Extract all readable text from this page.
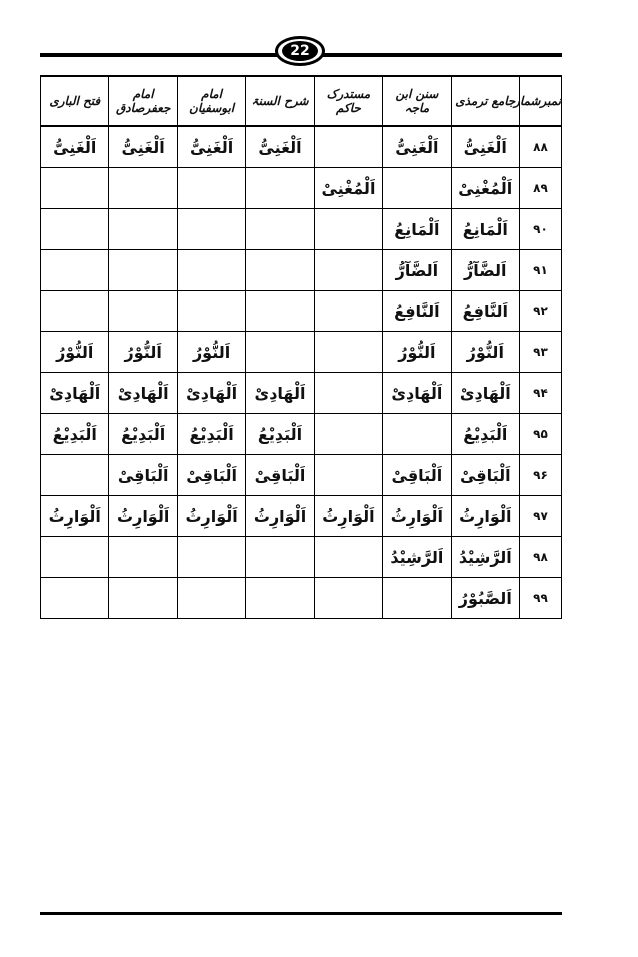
22
نمبرشمار	جامع ترمذی	سنن ابن ماجہ	مستدرک حاکم	شرح السنۃ	امام ابوسفیان	امام جعفرصادق	فتح الباری
۸۸	اَلْغَنِیُّ	اَلْغَنِیُّ		اَلْغَنِیُّ	اَلْغَنِیُّ	اَلْغَنِیُّ	اَلْغَنِیُّ
۸۹	اَلْمُغْنِیْ		اَلْمُغْنِیْ				
۹۰	اَلْمَانِعُ	اَلْمَانِعُ					
۹۱	اَلضَّآرُّ	اَلضَّآرُّ					
۹۲	اَلنَّافِعُ	اَلنَّافِعُ					
۹۳	اَلنُّوْرُ	اَلنُّوْرُ			اَلنُّوْرُ	اَلنُّوْرُ	اَلنُّوْرُ
۹۴	اَلْهَادِیْ	اَلْهَادِیْ		اَلْهَادِیْ	اَلْهَادِیْ	اَلْهَادِیْ	اَلْهَادِیْ
۹۵	اَلْبَدِیْعُ			اَلْبَدِیْعُ	اَلْبَدِیْعُ	اَلْبَدِیْعُ	اَلْبَدِیْعُ
۹۶	اَلْبَاقِیْ	اَلْبَاقِیْ		اَلْبَاقِیْ	اَلْبَاقِیْ	اَلْبَاقِیْ	
۹۷	اَلْوَارِثُ	اَلْوَارِثُ	اَلْوَارِثُ	اَلْوَارِثُ	اَلْوَارِثُ	اَلْوَارِثُ	اَلْوَارِثُ
۹۸	اَلرَّشِیْدُ	اَلرَّشِیْدُ					
۹۹	اَلصَّبُوْرُ						
